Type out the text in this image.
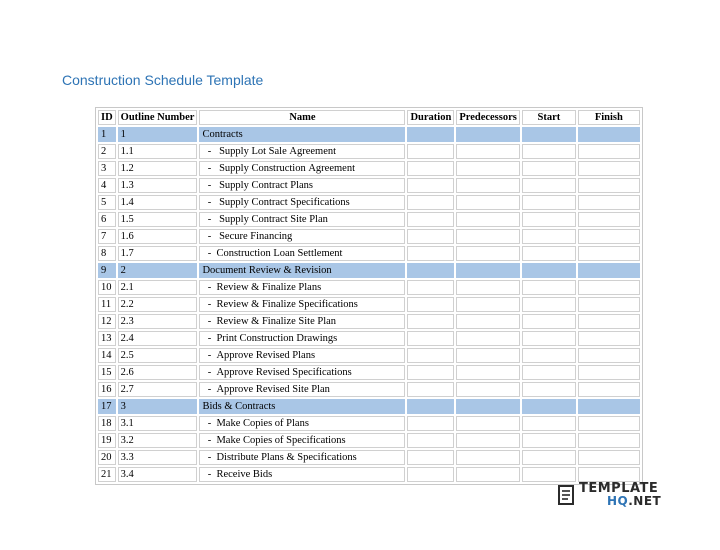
Construction Schedule Template
ID	Outline Number	Name	Duration	Predecessors	Start	Finish
1	1	Contracts				
2	1.1	-   Supply Lot Sale Agreement				
3	1.2	-   Supply Construction Agreement				
4	1.3	-   Supply Contract Plans				
5	1.4	-   Supply Contract Specifications				
6	1.5	-   Supply Contract Site Plan				
7	1.6	-   Secure Financing				
8	1.7	-  Construction Loan Settlement				
9	2	Document Review & Revision				
10	2.1	-  Review & Finalize Plans				
11	2.2	-  Review & Finalize Specifications				
12	2.3	-  Review & Finalize Site Plan				
13	2.4	-  Print Construction Drawings				
14	2.5	-  Approve Revised Plans				
15	2.6	-  Approve Revised Specifications				
16	2.7	-  Approve Revised Site Plan				
17	3	Bids & Contracts				
18	3.1	-  Make Copies of Plans				
19	3.2	-  Make Copies of Specifications				
20	3.3	-  Distribute Plans & Specifications				
21	3.4	-  Receive Bids				
TEMPLATE
HQ.NET
